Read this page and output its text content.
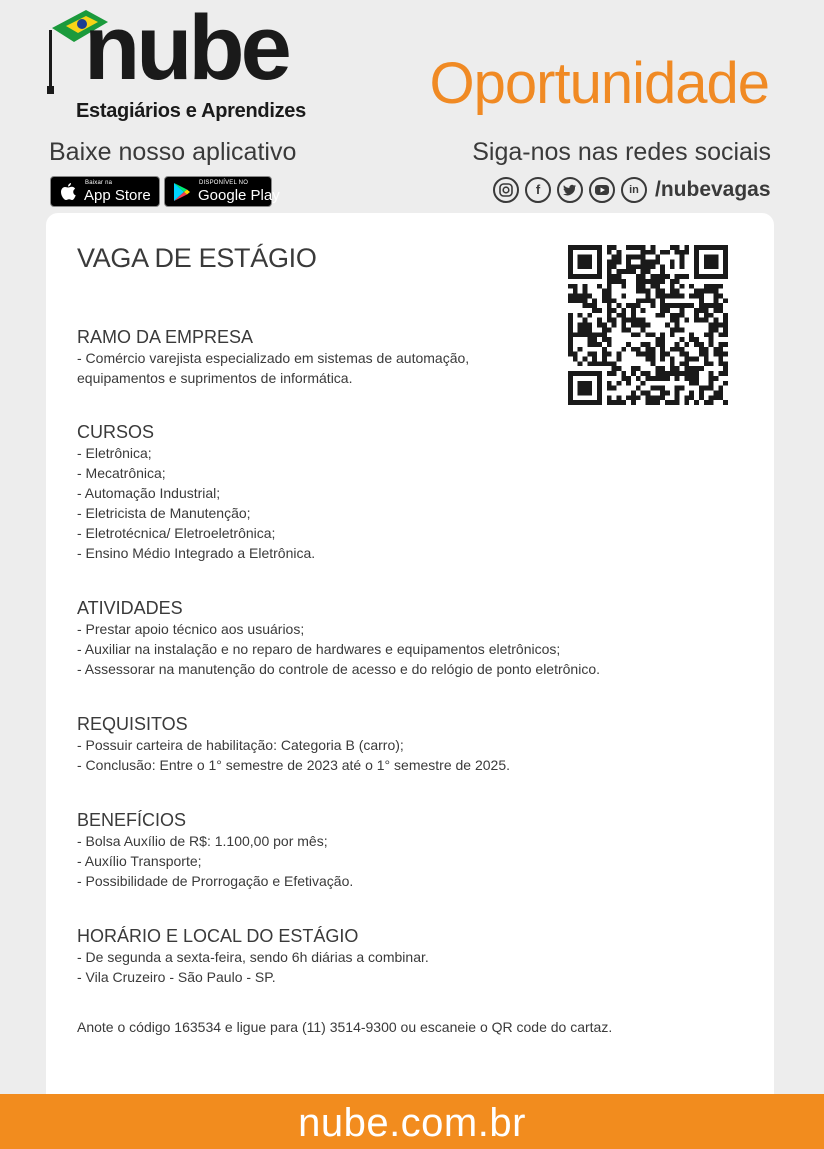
nube
Estagiários e Aprendizes Oportunidade
Baixe nosso aplicativo	Siga-nos nas redes sociais
Baixar na
App Store
DISPONÍVEL NO
Google Play	f	in /nubevagas
VAGA DE ESTÁGIO
RAMO DA EMPRESA
- Comércio varejista especializado em sistemas de automação,
equipamentos e suprimentos de informática.
CURSOS
- Eletrônica;
- Mecatrônica;
- Automação Industrial;
- Eletricista de Manutenção;
- Eletrotécnica/ Eletroeletrônica;
- Ensino Médio Integrado a Eletrônica.
ATIVIDADES
- Prestar apoio técnico aos usuários;
- Auxiliar na instalação e no reparo de hardwares e equipamentos eletrônicos;
- Assessorar na manutenção do controle de acesso e do relógio de ponto eletrônico.
REQUISITOS
- Possuir carteira de habilitação: Categoria B (carro);
- Conclusão: Entre o 1° semestre de 2023 até o 1° semestre de 2025.
BENEFÍCIOS
- Bolsa Auxílio de R$: 1.100,00 por mês;
- Auxílio Transporte;
- Possibilidade de Prorrogação e Efetivação.
HORÁRIO E LOCAL DO ESTÁGIO
- De segunda a sexta-feira, sendo 6h diárias a combinar.
- Vila Cruzeiro - São Paulo - SP.
Anote o código 163534 e ligue para (11) 3514-9300 ou escaneie o QR code do cartaz.
nube.com.br
